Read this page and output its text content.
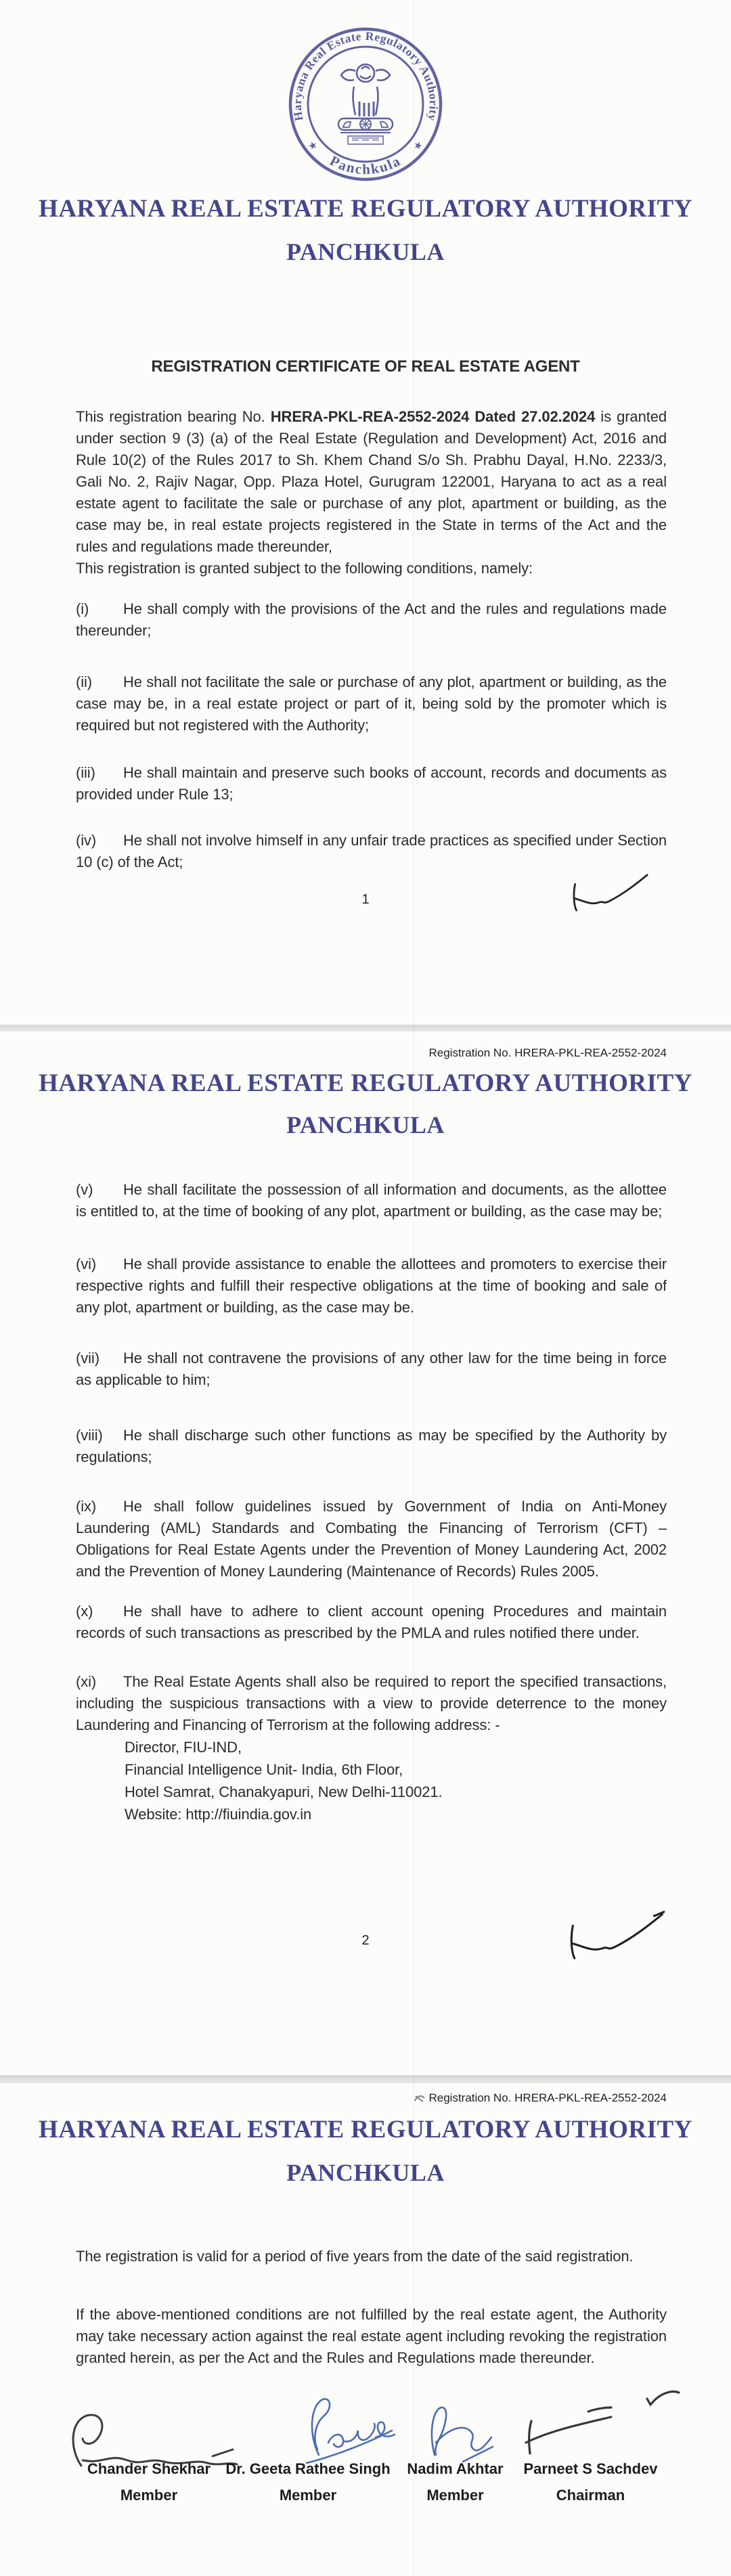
Haryana Real Estate Regulatory Authority
Panchkula
★	★
HARYANA REAL ESTATE REGULATORY AUTHORITY
PANCHKULA
REGISTRATION CERTIFICATE OF REAL ESTATE AGENT
This registration bearing No. HRERA-PKL-REA-2552-2024 Dated 27.02.2024 is granted under section 9 (3) (a) of the Real Estate (Regulation and Development) Act, 2016 and Rule 10(2) of the Rules 2017 to Sh. Khem Chand S/o Sh. Prabhu Dayal, H.No. 2233/3, Gali No. 2, Rajiv Nagar, Opp. Plaza Hotel, Gurugram 122001, Haryana to act as a real estate agent to facilitate the sale or purchase of any plot, apartment or building, as the case may be, in real estate projects registered in the State in terms of the Act and the rules and regulations made thereunder,
This registration is granted subject to the following conditions, namely:
(i) He shall comply with the provisions of the Act and the rules and regulations made thereunder;
(ii) He shall not facilitate the sale or purchase of any plot, apartment or building, as the case may be, in a real estate project or part of it, being sold by the promoter which is required but not registered with the Authority;
(iii) He shall maintain and preserve such books of account, records and documents as provided under Rule 13;
(iv) He shall not involve himself in any unfair trade practices as specified under Section 10 (c) of the Act;
1
Registration No. HRERA-PKL-REA-2552-2024
HARYANA REAL ESTATE REGULATORY AUTHORITY
PANCHKULA
(v) He shall facilitate the possession of all information and documents, as the allottee is entitled to, at the time of booking of any plot, apartment or building, as the case may be;
(vi) He shall provide assistance to enable the allottees and promoters to exercise their respective rights and fulfill their respective obligations at the time of booking and sale of any plot, apartment or building, as the case may be.
(vii) He shall not contravene the provisions of any other law for the time being in force as applicable to him;
(viii) He shall discharge such other functions as may be specified by the Authority by regulations;
(ix) He shall follow guidelines issued by Government of India on Anti-Money Laundering (AML) Standards and Combating the Financing of Terrorism (CFT) – Obligations for Real Estate Agents under the Prevention of Money Laundering Act, 2002 and the Prevention of Money Laundering (Maintenance of Records) Rules 2005.
(x) He shall have to adhere to client account opening Procedures and maintain records of such transactions as prescribed by the PMLA and rules notified there under.
(xi) The Real Estate Agents shall also be required to report the specified transactions, including the suspicious transactions with a view to provide deterrence to the money Laundering and Financing of Terrorism at the following address: -
Director, FIU-IND,
Financial Intelligence Unit- India, 6th Floor,
Hotel Samrat, Chanakyapuri, New Delhi-110021.
Website: http://fiuindia.gov.in
2
Registration No. HRERA-PKL-REA-2552-2024
HARYANA REAL ESTATE REGULATORY AUTHORITY
PANCHKULA
The registration is valid for a period of five years from the date of the said registration.
If the above-mentioned conditions are not fulfilled by the real estate agent, the Authority may take necessary action against the real estate agent including revoking the registration granted herein, as per the Act and the Rules and Regulations made thereunder.
Chander Shekhar
Member
Dr. Geeta Rathee Singh
Member
Nadim Akhtar
Member
Parneet S Sachdev
Chairman
